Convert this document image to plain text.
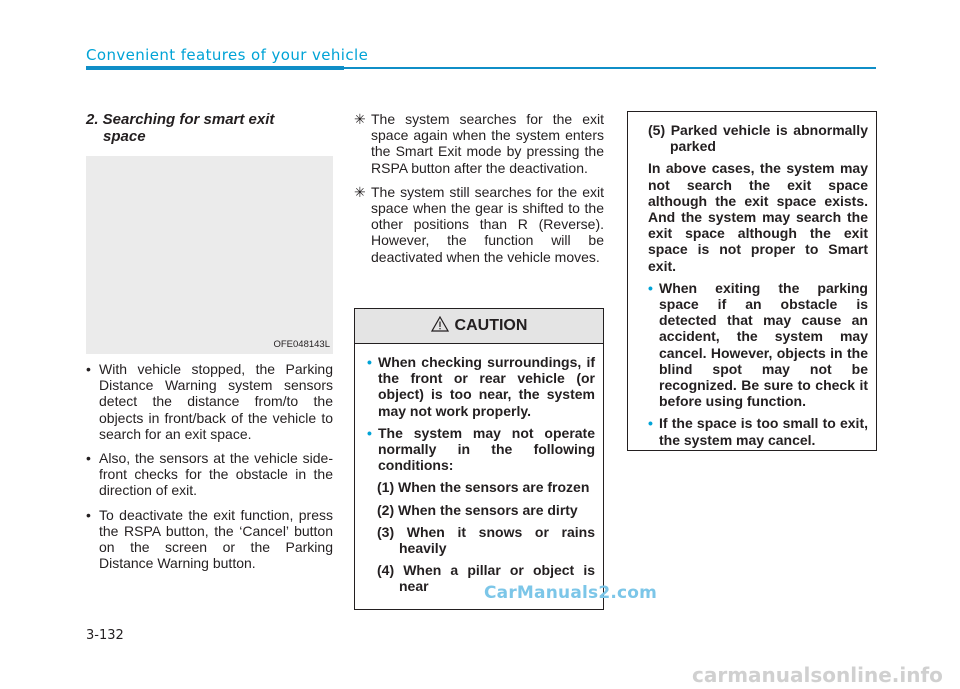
Convenient features of your vehicle
2. Searching for smart exit
space
OFE048143L

• With vehicle stopped, the Parking Distance Warning system sensors detect the distance from/to the objects in front/back of the vehicle to search for an exit space.

• Also, the sensors at the vehicle side-front checks for the obstacle in the direction of exit.

• To deactivate the exit function, press the RSPA button, the ‘Cancel’ button on the screen or the Parking Distance Warning button.

✳ The system searches for the exit space again when the system enters the Smart Exit mode by pressing the RSPA button after the deactivation.

✳ The system still searches for the exit space when the gear is shifted to the other positions than R (Reverse). However, the function will be deactivated when the vehicle moves.

CAUTION

• When checking surroundings, if the front or rear vehicle (or object) is too near, the system may not work properly.

• The system may not operate normally in the following conditions:

(1) When the sensors are frozen

(2) When the sensors are dirty

(3) When it snows or rains heavily

(4) When a pillar or object is near

(5) Parked vehicle is abnormally parked

In above cases, the system may not search the exit space although the exit space exists. And the system may search the exit space although the exit space is not proper to Smart exit.

• When exiting the parking space if an obstacle is detected that may cause an accident, the system may cancel. However, objects in the blind spot may not be recognized. Be sure to check it before using function.

• If the space is too small to exit, the system may cancel.

CarManuals2.com
3-132
carmanualsonline.info
